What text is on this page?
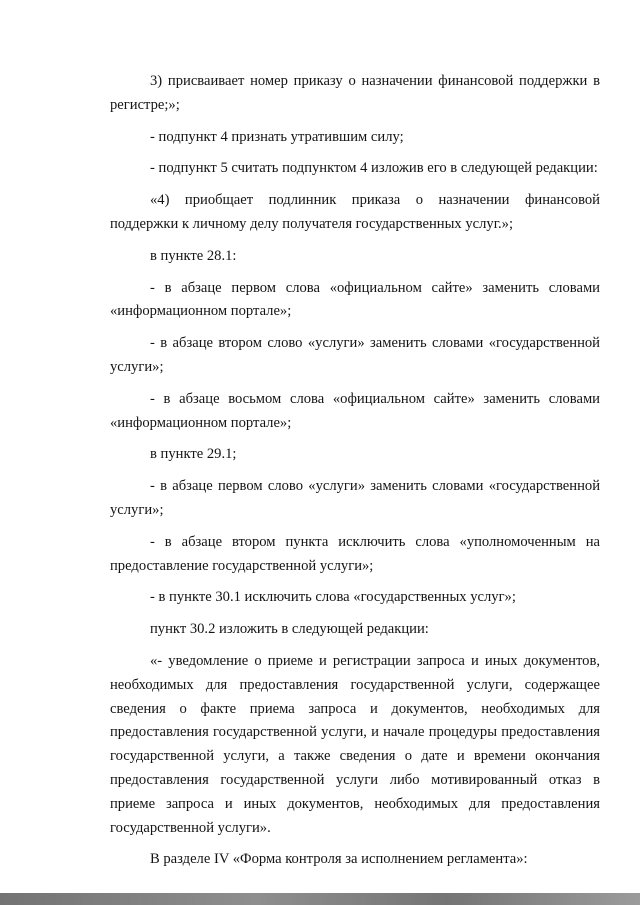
3) присваивает номер приказу о назначении финансовой поддержки в регистре;»;

- подпункт 4 признать утратившим силу;

- подпункт 5 считать подпунктом 4 изложив его в следующей редакции:

«4) приобщает подлинник приказа о назначении финансовой поддержки к личному делу получателя государственных услуг.»;

в пункте 28.1:

- в абзаце первом слова «официальном сайте» заменить словами «информационном портале»;

- в абзаце втором слово «услуги» заменить словами «государственной услуги»;

- в абзаце восьмом слова «официальном сайте» заменить словами «информационном портале»;

в пункте 29.1;

- в абзаце первом слово «услуги» заменить словами «государственной услуги»;

- в абзаце втором пункта исключить слова «уполномоченным на предоставление государственной услуги»;

- в пункте 30.1 исключить слова «государственных услуг»;

пункт 30.2 изложить в следующей редакции:

«- уведомление о приеме и регистрации запроса и иных документов, необходимых для предоставления государственной услуги, содержащее сведения о факте приема запроса и документов, необходимых для предоставления государственной услуги, и начале процедуры предоставления государственной услуги, а также сведения о дате и времени окончания предоставления государственной услуги либо мотивированный отказ в приеме запроса и иных документов, необходимых для предоставления государственной услуги».

В разделе IV «Форма контроля за исполнением регламента»:
